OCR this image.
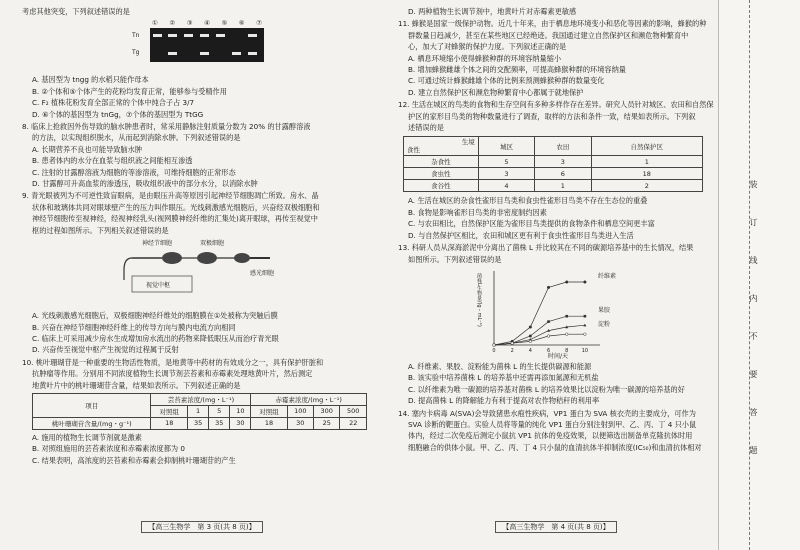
考虑其他突变，下列叙述错误的是
① ② ③ ④ ⑤ ⑥ ⑦
Tn
Tg
A. 基因型为 tngg 的水稻只能作母本
B. ②个体和⑤个体产生的花粉均发育正常，能够参与受精作用
C. F₂ 植株花粉发育全部正常的个体中纯合子占 3/7
D. ⑥个体的基因型为 tnGg，⑦个体的基因型为 TtGG
8. 临床上抢救因外伤导致的脑水肿患者时，常采用静脉注射质量分数为 20% 的甘露醇溶液
的方法，以实现组织脱水，从而起到消除水肿。下列叙述错误的是
A. 长期营养不良也可能导致脑水肿
B. 患者体内的水分在血浆与组织液之间能相互渗透
C. 注射的甘露醇溶液为细胞的等渗溶液，可维持细胞的正常形态
D. 甘露醇可升高血浆的渗透压，吸收组织液中的部分水分，以消除水肿
9. 青光眼被列为不可逆性致盲眼病，是由眼压升高等原因引起神经节细胞凋亡所致。房水、晶
状体和玻璃体共同对眼球壁产生的压力叫作眼压。光线刺激感光细胞后，兴奋经双极细胞和
神经节细胞传至视神经，经视神经乳头(视网膜神经纤维的汇集处)离开眼球，再传至视觉中
枢的过程如图所示。下列相关叙述错误的是
神经节细胞	双极细胞
感光细胞
视觉中枢
A. 光线刺激感光细胞后，双极细胞神经纤维处的细胞膜在①处被称为突触后膜
B. 兴奋在神经节细胞神经纤维上的传导方向与膜内电流方向相同
C. 临床上可采用减少房水生成增加房水流出的药物来降低眼压从而治疗青光眼
D. 兴奋传至视觉中枢产生视觉的过程属于反射
10. 桃叶珊瑚苷是一种重要的生物活性物质，是地黄等中药材的有效成分之一，具有保护肝脏和
抗肿瘤等作用。分别用不同浓度植物生长调节剂芸苔素和赤霉素处理地黄叶片，然后测定
地黄叶片中的桃叶珊瑚苷含量，结果如表所示。下列叙述正确的是
项目	芸苔素浓度/(mg・L⁻¹)				赤霉素浓度/(mg・L⁻¹)			
	对照组	1	5	10	对照组	100	300	500
桃叶珊瑚苷含量/(mg・g⁻¹)	18	35	35	30	18	30	25	22
A. 施用的植物生长调节剂就是激素
B. 对照组施用的芸苔素浓度和赤霉素浓度都为 0
C. 结果表明，高浓度的芸苔素和赤霉素会抑制桃叶珊瑚苷的产生
【高三生物学　第 3 页(共 8 页)】
D. 两种植物生长调节剂中，地黄叶片对赤霉素更敏感
11. 蜂猴是国家一级保护动物。近几十年来，由于栖息地环境变小和恶化等因素的影响，蜂猴的种
群数量日趋减少，甚至在某些地区已经绝迹。我国通过建立自然保护区和濒危物种繁育中
心，加大了对蜂猴的保护力度。下列叙述正确的是
A. 栖息环境缩小使得蜂猴种群的环境容纳量缩小
B. 增加蜂猴雌雄个体之间的交配频率，可提高蜂猴种群的环境容纳量
C. 可通过统计蜂猴雌雄个体的比例来预测蜂猴种群的数量变化
D. 建立自然保护区和濒危物种繁育中心都属于就地保护
12. 生活在城区的鸟类的食物和生存空间有多种多样作存在差异。研究人员针对城区、农田和自然保
护区的家形目鸟类的物种数量进行了调查，取样的方法和条件一致，结果如表所示。下列叙
述错误的是
生境
食性	城区	农田	自然保护区
杂食性	5	3	1
食虫性	3	6	18
食谷性	4	1	2
A. 生活在城区的杂食性雀形目鸟类和食虫性雀形目鸟类不存在生态位的重叠
B. 食物是影响雀形目鸟类的非密度制约因素
C. 与农田相比，自然保护区能为雀形目鸟类提供的食物条件和栖息空间更丰富
D. 与自然保护区相比，农田和城区更有利于食虫性雀形目鸟类进入生活
13. 科研人员从深海淤泥中分离出了菌株 L 并比较其在不同的碳源培养基中的生长情况，结果
如图所示。下列叙述错误的是
0	2	4	6	8	10
菌株L生物量/(g・mL⁻¹)
时间/天
纤维素
果胶
淀粉
A. 纤维素、果胶、淀粉能为菌株 L 的生长提供碳源和能源
B. 该实验中培养菌株 L 的培养基中还需再添加氮源和无机盐
C. 以纤维素为唯一碳源的培养基对菌株 L 的培养效果比以淀粉为唯一碳源的培养基的好
D. 提高菌株 L 的降解能力有利于提高对农作物秸秆的利用率
14. 塞内卡病毒 A(SVA)会导致猪患水疱性疾病，VP1 蛋白为 SVA 核衣壳的主要成分，可作为
SVA 诊断的靶蛋白。实验人员将等量的纯化 VP1 蛋白分别注射到甲、乙、丙、丁 4 只小鼠
体内，经过二次免疫后测定小鼠抗 VP1 抗体的免疫效果，以便筛选出制备单克隆抗体时用
细胞融合的供体小鼠。甲、乙、丙、丁 4 只小鼠的血清抗体半抑制浓度(IC₅₀)和血清抗体相对
【高三生物学　第 4 页(共 8 页)】
装订线内不要答题
